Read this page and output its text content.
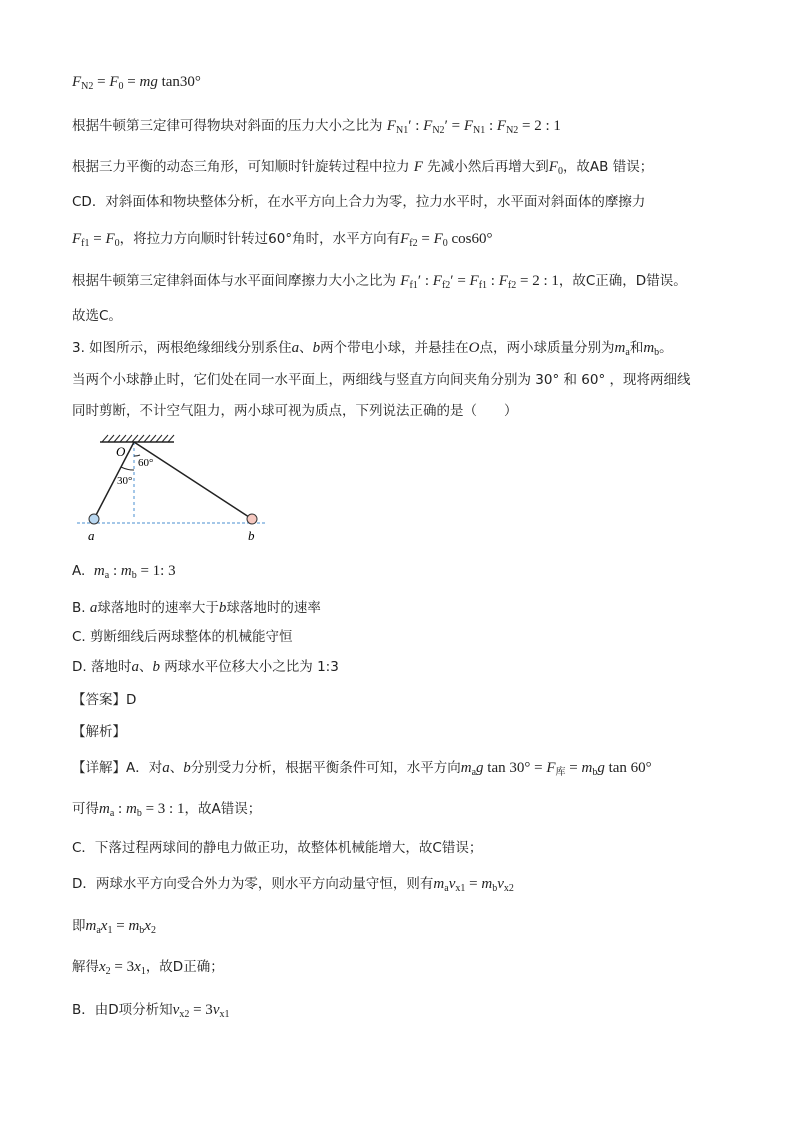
$F_{N2} = F_0$ = mg tan30°
根据牛顿第三定律可得物块对斜面的压力大小之比为 $F_{N1}'$ : $F_{N2}' = F_{N1}$ : $F_{N2} = 2$ : 1
根据三力平衡的动态三角形，可知顺时针旋转过程中拉力 F 先减小然后再增大到$F_0$，故AB 错误；
CD．对斜面体和物块整体分析，在水平方向上合力为零，拉力水平时，水平面对斜面体的摩擦力
$F_{f1} = F_0$，将拉力方向顺时针转过60°角时，水平方向有$F_{f2} = F_0$ cos60°
根据牛顿第三定律斜面体与水平面间摩擦力大小之比为 $F_{f1}'$ : $F_{f2}' = F_{f1}$ : $F_{f2} = 2$ : 1，故C正确，D错误。
故选C。
3. 如图所示，两根绝缘细线分别系住a、b两个带电小球，并悬挂在O点，两小球质量分别为$m_a$和$m_b$。
当两个小球静止时，它们处在同一水平面上，两细线与竖直方向间夹角分别为 30° 和 60° ，现将两细线
同时剪断，不计空气阻力，两小球可视为质点，下列说法正确的是（　　）
O
60°
30°
a	b
A. $m_a$ : $m_b = 1$: 3
B. a球落地时的速率大于b球落地时的速率
C. 剪断细线后两球整体的机械能守恒
D. 落地时a、b 两球水平位移大小之比为 1:3
【答案】D
【解析】
【详解】A．对a、b分别受力分析，根据平衡条件可知，水平方向$m_ag$ $\tan 30^\circ = F_库 = m_bg$ tan 60°
可得$m_a$ : $m_b = 3$ : 1，故A错误；
C．下落过程两球间的静电力做正功，故整体机械能增大，故C错误；
D．两球水平方向受合外力为零，则水平方向动量守恒，则有$m_av_{x1} = m_bv_{x2}$
即$m_ax_1 = m_bx_2$
解得$x_2 = 3x_1$，故D正确；
B．由D项分析知$v_{x2} = 3v_{x1}$
